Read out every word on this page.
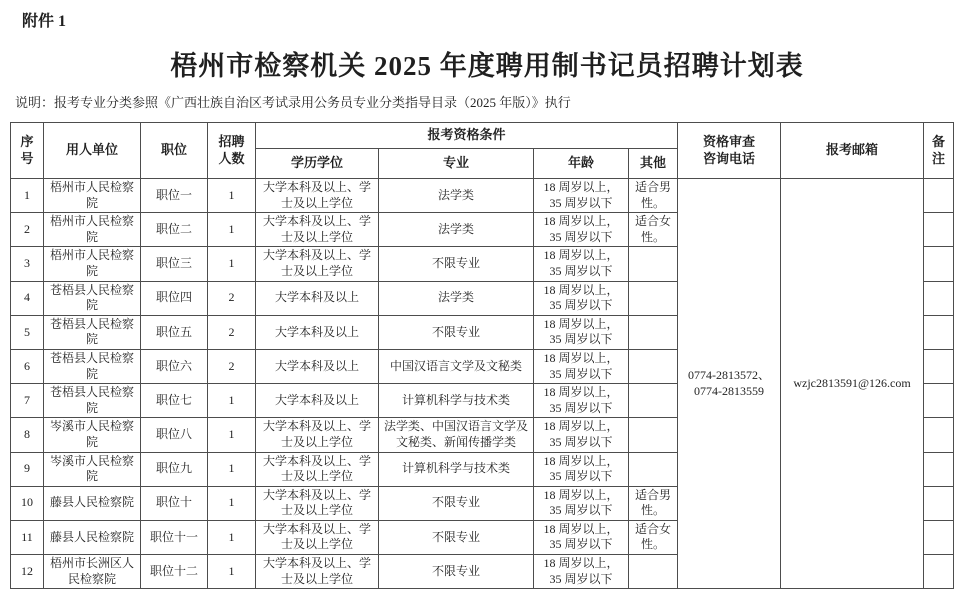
附件 1
梧州市检察机关 2025 年度聘用制书记员招聘计划表
说明：报考专业分类参照《广西壮族自治区考试录用公务员专业分类指导目录（2025 年版）》执行
序号	用人单位	职位	招聘人数	报考资格条件				资格审查咨询电话	报考邮箱	备注
				学历学位	专业	年龄	其他			
1	梧州市人民检察院	职位一	1	大学本科及以上、学士及以上学位	法学类	18 周岁以上，35 周岁以下	适合男性。	0774-2813572、0774-2813559	wzjc2813591@126.com	
2	梧州市人民检察院	职位二	1	大学本科及以上、学士及以上学位	法学类	18 周岁以上，35 周岁以下	适合女性。			
3	梧州市人民检察院	职位三	1	大学本科及以上、学士及以上学位	不限专业	18 周岁以上，35 周岁以下				
4	苍梧县人民检察院	职位四	2	大学本科及以上	法学类	18 周岁以上，35 周岁以下				
5	苍梧县人民检察院	职位五	2	大学本科及以上	不限专业	18 周岁以上，35 周岁以下				
6	苍梧县人民检察院	职位六	2	大学本科及以上	中国汉语言文学及文秘类	18 周岁以上，35 周岁以下				
7	苍梧县人民检察院	职位七	1	大学本科及以上	计算机科学与技术类	18 周岁以上，35 周岁以下				
8	岑溪市人民检察院	职位八	1	大学本科及以上、学士及以上学位	法学类、中国汉语言文学及文秘类、新闻传播学类	18 周岁以上，35 周岁以下				
9	岑溪市人民检察院	职位九	1	大学本科及以上、学士及以上学位	计算机科学与技术类	18 周岁以上，35 周岁以下				
10	藤县人民检察院	职位十	1	大学本科及以上、学士及以上学位	不限专业	18 周岁以上，35 周岁以下	适合男性。			
11	藤县人民检察院	职位十一	1	大学本科及以上、学士及以上学位	不限专业	18 周岁以上，35 周岁以下	适合女性。			
12	梧州市长洲区人民检察院	职位十二	1	大学本科及以上、学士及以上学位	不限专业	18 周岁以上，35 周岁以下				
